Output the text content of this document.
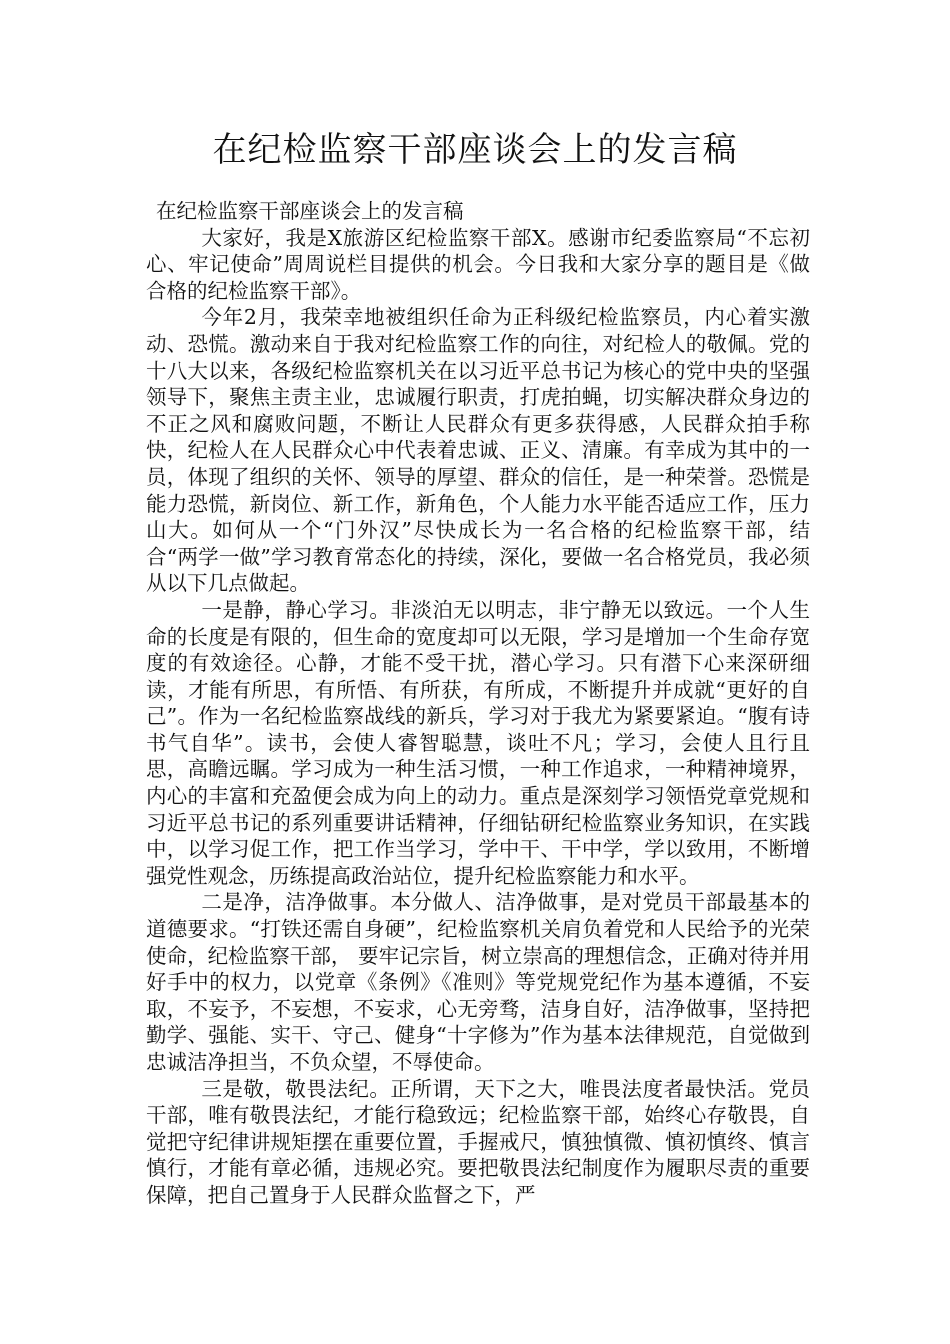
在纪检监察干部座谈会上的发言稿

在纪检监察干部座谈会上的发言稿

大家好，我是X旅游区纪检监察干部X。感谢市纪委监察局“不忘初心、牢记使命”周周说栏目提供的机会。今日我和大家分享的题目是《做合格的纪检监察干部》。

今年2月，我荣幸地被组织任命为正科级纪检监察员，内心着实激动、恐慌。激动来自于我对纪检监察工作的向往，对纪检人的敬佩。党的十八大以来，各级纪检监察机关在以习近平总书记为核心的党中央的坚强领导下，聚焦主责主业，忠诚履行职责，打虎拍蝇，切实解决群众身边的不正之风和腐败问题，不断让人民群众有更多获得感，人民群众拍手称快，纪检人在人民群众心中代表着忠诚、正义、清廉。有幸成为其中的一员，体现了组织的关怀、领导的厚望、群众的信任，是一种荣誉。恐慌是能力恐慌，新岗位、新工作，新角色，个人能力水平能否适应工作，压力山大。如何从一个“门外汉”尽快成长为一名合格的纪检监察干部，结合“两学一做”学习教育常态化的持续，深化，要做一名合格党员，我必须从以下几点做起。

一是静，静心学习。非淡泊无以明志，非宁静无以致远。一个人生命的长度是有限的，但生命的宽度却可以无限，学习是增加一个生命存宽度的有效途径。心静，才能不受干扰，潜心学习。只有潜下心来深研细读，才能有所思，有所悟、有所获，有所成，不断提升并成就“更好的自己”。作为一名纪检监察战线的新兵，学习对于我尤为紧要紧迫。“腹有诗书气自华”。读书，会使人睿智聪慧，谈吐不凡；学习，会使人且行且思，高瞻远瞩。学习成为一种生活习惯，一种工作追求，一种精神境界，内心的丰富和充盈便会成为向上的动力。重点是深刻学习领悟党章党规和习近平总书记的系列重要讲话精神，仔细钻研纪检监察业务知识，在实践中，以学习促工作，把工作当学习，学中干、干中学，学以致用，不断增强党性观念，历练提高政治站位，提升纪检监察能力和水平。

二是净，洁净做事。本分做人、洁净做事，是对党员干部最基本的道德要求。“打铁还需自身硬”，纪检监察机关肩负着党和人民给予的光荣使命，纪检监察干部， 要牢记宗旨，树立崇高的理想信念，正确对待并用好手中的权力，以党章《条例》《准则》等党规党纪作为基本遵循，不妄取，不妄予，不妄想，不妄求，心无旁骛，洁身自好，洁净做事，坚持把勤学、强能、实干、守己、健身“十字修为”作为基本法律规范，自觉做到忠诚洁净担当，不负众望，不辱使命。

三是敬，敬畏法纪。正所谓，天下之大，唯畏法度者最快活。党员干部，唯有敬畏法纪，才能行稳致远；纪检监察干部，始终心存敬畏，自觉把守纪律讲规矩摆在重要位置，手握戒尺，慎独慎微、慎初慎终、慎言慎行，才能有章必循，违规必究。要把敬畏法纪制度作为履职尽责的重要保障，把自己置身于人民群众监督之下，严
